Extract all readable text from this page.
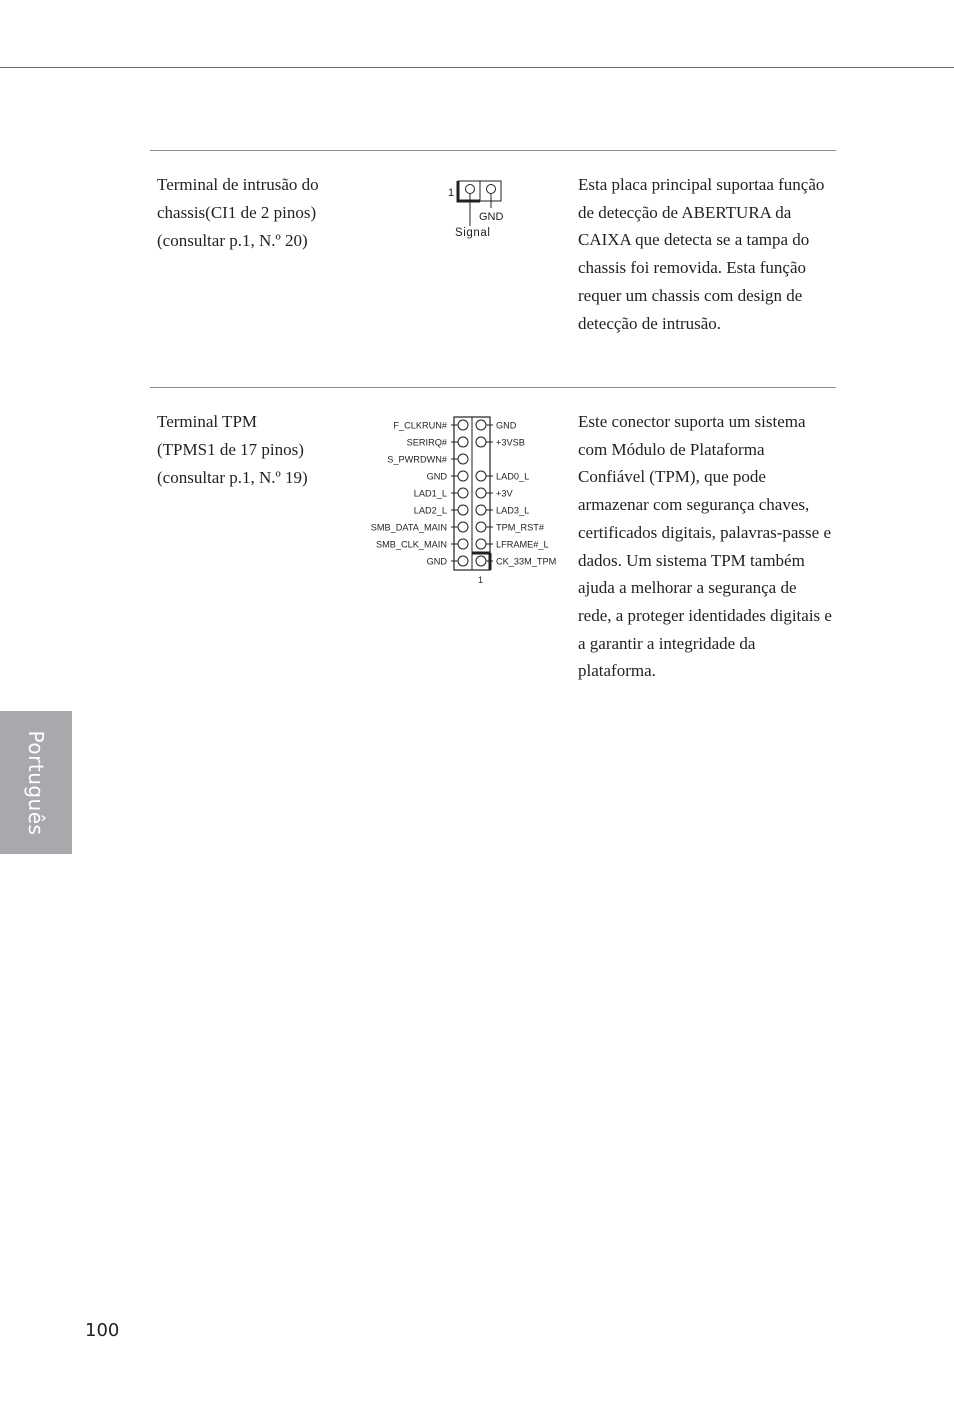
Terminal de intrusão do
chassis(CI1 de 2 pinos)
(consultar p.1, N.º 20)

1
GND
Signal

Esta placa principal suportaa função de detecção de ABERTURA da CAIXA que detecta se a tampa do chassis foi removida. Esta função requer um chassis com design de detecção de intrusão.

Terminal TPM
(TPMS1 de 17 pinos)
(consultar p.1, N.º 19)

1
F_CLKRUN#	GND
SERIRQ#	+3VSB
S_PWRDWN#
GND	LAD0_L
LAD1_L	+3V
LAD2_L	LAD3_L
SMB_DATA_MAIN	TPM_RST#
SMB_CLK_MAIN	LFRAME#_L
GND	CK_33M_TPM

Este conector suporta um sistema com Módulo de Plataforma Confiável (TPM), que pode armazenar com segurança chaves, certificados digitais, palavras-passe e dados. Um sistema TPM também ajuda a melhorar a segurança de rede, a proteger identidades digitais e a garantir a integridade da plataforma.

Português
100
